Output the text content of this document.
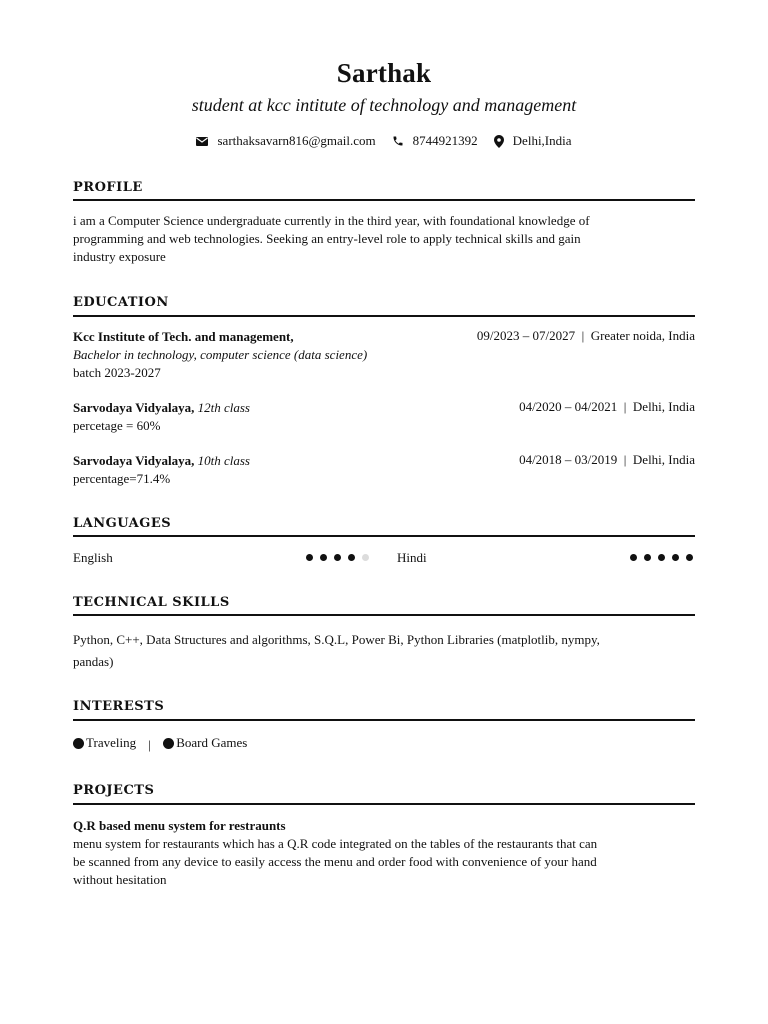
Sarthak
student at kcc intitute of technology and management
sarthaksavarn816@gmail.com	8744921392	Delhi,India
PROFILE
i am a Computer Science undergraduate currently in the third year, with foundational knowledge of
programming and web technologies. Seeking an entry-level role to apply technical skills and gain
industry exposure
EDUCATION
Kcc Institute of Tech. and management,
Bachelor in technology, computer science (data science)
batch 2023-2027
09/2023 – 07/2027  |  Greater noida, India
Sarvodaya Vidyalaya, 12th class
percetage = 60%
04/2020 – 04/2021  |  Delhi, India
Sarvodaya Vidyalaya, 10th class
percentage=71.4%
04/2018 – 03/2019  |  Delhi, India
LANGUAGES
English	Hindi
TECHNICAL SKILLS
Python, C++, Data Structures and algorithms, S.Q.L, Power Bi, Python Libraries (matplotlib, nympy,
pandas)
INTERESTS
Traveling | Board Games
PROJECTS
Q.R based menu system for restraunts
menu system for restaurants which has a Q.R code integrated on the tables of the restaurants that can
be scanned from any device to easily access the menu and order food with convenience of your hand
without hesitation
